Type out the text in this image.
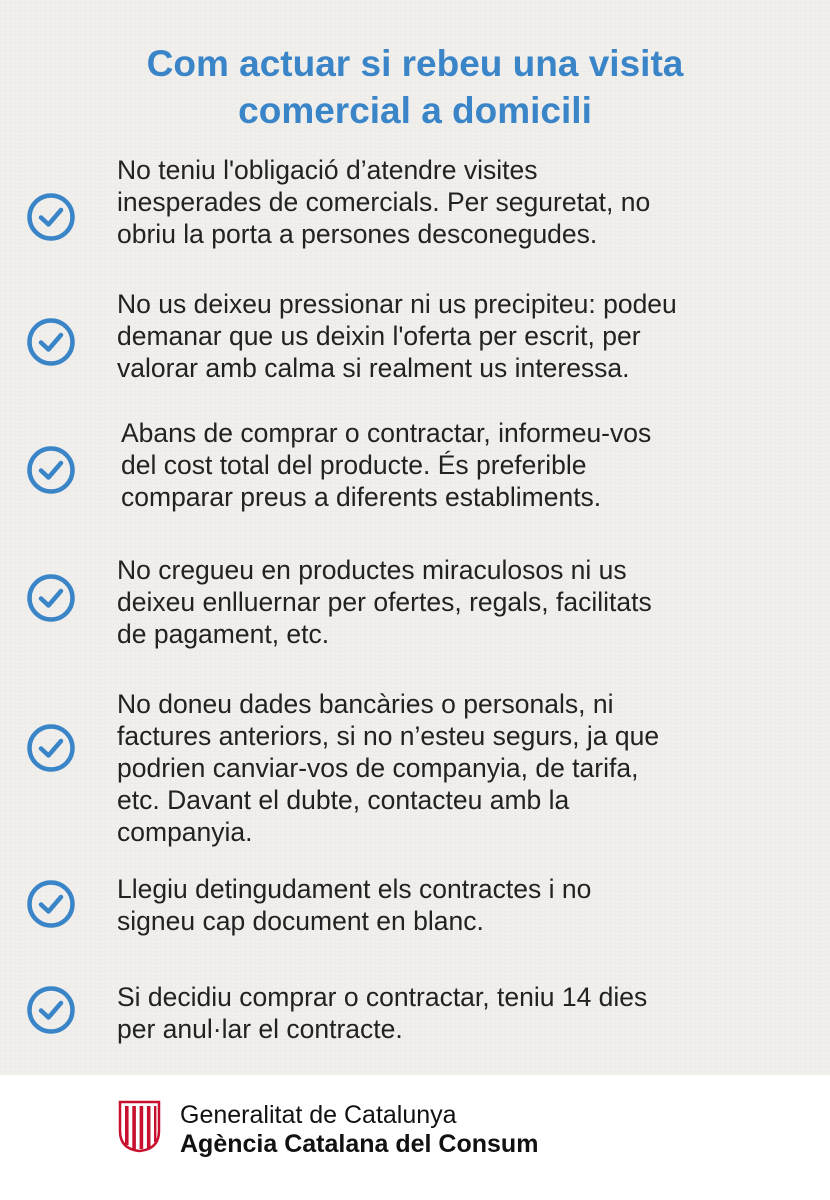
Com actuar si rebeu una visita
comercial a domicili

No teniu l'obligació d’atendre visites
inesperades de comercials. Per seguretat, no
obriu la porta a persones desconegudes.

No us deixeu pressionar ni us precipiteu: podeu
demanar que us deixin l'oferta per escrit, per
valorar amb calma si realment us interessa.

Abans de comprar o contractar, informeu-vos
del cost total del producte. És preferible
comparar preus a diferents establiments.

No cregueu en productes miraculosos ni us
deixeu enlluernar per ofertes, regals, facilitats
de pagament, etc.

No doneu dades bancàries o personals, ni
factures anteriors, si no n’esteu segurs, ja que
podrien canviar-vos de companyia, de tarifa,
etc. Davant el dubte, contacteu amb la
companyia.

Llegiu detingudament els contractes i no
signeu cap document en blanc.

Si decidiu comprar o contractar, teniu 14 dies
per anul·lar el contracte.

Generalitat de Catalunya
Agència Catalana del Consum
